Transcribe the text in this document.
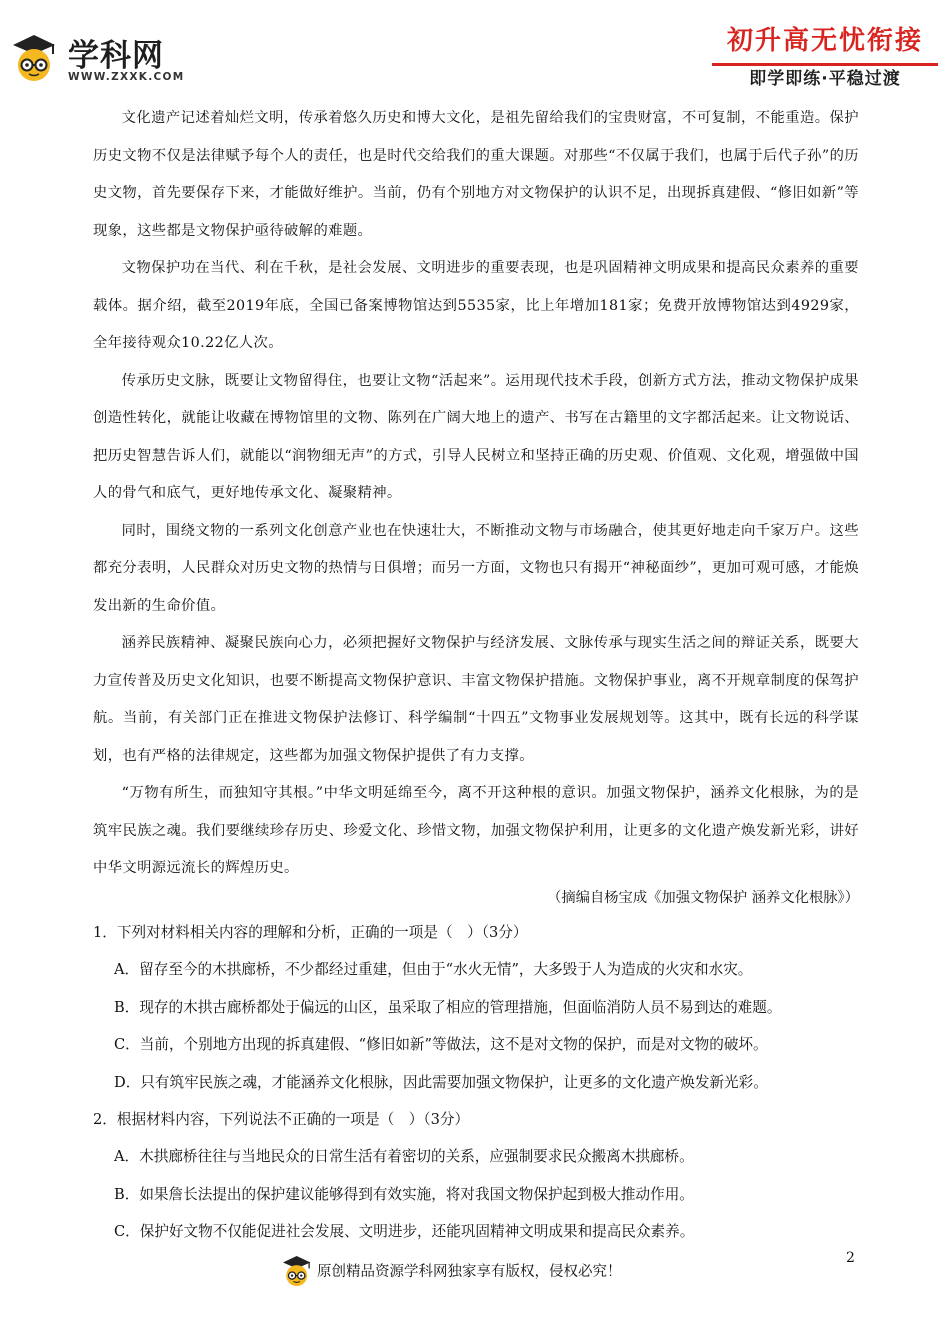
学科网
WWW.ZXXK.COM
初升高无忧衔接
即学即练·平稳过渡

文化遗产记述着灿烂文明，传承着悠久历史和博大文化，是祖先留给我们的宝贵财富，不可复制，不能重造。保护历史文物不仅是法律赋予每个人的责任，也是时代交给我们的重大课题。对那些“不仅属于我们，也属于后代子孙”的历史文物，首先要保存下来，才能做好维护。当前，仍有个别地方对文物保护的认识不足，出现拆真建假、“修旧如新”等现象，这些都是文物保护亟待破解的难题。

文物保护功在当代、利在千秋，是社会发展、文明进步的重要表现，也是巩固精神文明成果和提高民众素养的重要载体。据介绍，截至2019年底，全国已备案博物馆达到5535家，比上年增加181家；免费开放博物馆达到4929家，全年接待观众10.22亿人次。

传承历史文脉，既要让文物留得住，也要让文物“活起来”。运用现代技术手段，创新方式方法，推动文物保护成果创造性转化，就能让收藏在博物馆里的文物、陈列在广阔大地上的遗产、书写在古籍里的文字都活起来。让文物说话、把历史智慧告诉人们，就能以“润物细无声”的方式，引导人民树立和坚持正确的历史观、价值观、文化观，增强做中国人的骨气和底气，更好地传承文化、凝聚精神。

同时，围绕文物的一系列文化创意产业也在快速壮大，不断推动文物与市场融合，使其更好地走向千家万户。这些都充分表明，人民群众对历史文物的热情与日俱增；而另一方面，文物也只有揭开“神秘面纱”，更加可观可感，才能焕发出新的生命价值。

涵养民族精神、凝聚民族向心力，必须把握好文物保护与经济发展、文脉传承与现实生活之间的辩证关系，既要大力宣传普及历史文化知识，也要不断提高文物保护意识、丰富文物保护措施。文物保护事业，离不开规章制度的保驾护航。当前，有关部门正在推进文物保护法修订、科学编制“十四五”文物事业发展规划等。这其中，既有长远的科学谋划，也有严格的法律规定，这些都为加强文物保护提供了有力支撑。

“万物有所生，而独知守其根。”中华文明延绵至今，离不开这种根的意识。加强文物保护，涵养文化根脉，为的是筑牢民族之魂。我们要继续珍存历史、珍爱文化、珍惜文物，加强文物保护利用，让更多的文化遗产焕发新光彩，讲好中华文明源远流长的辉煌历史。

（摘编自杨宝成《加强文物保护 涵养文化根脉》）

1．下列对材料相关内容的理解和分析，正确的一项是（　）（3分）

A．留存至今的木拱廊桥，不少都经过重建，但由于“水火无情”，大多毁于人为造成的火灾和水灾。

B．现存的木拱古廊桥都处于偏远的山区，虽采取了相应的管理措施，但面临消防人员不易到达的难题。

C．当前，个别地方出现的拆真建假、“修旧如新”等做法，这不是对文物的保护，而是对文物的破坏。

D．只有筑牢民族之魂，才能涵养文化根脉，因此需要加强文物保护，让更多的文化遗产焕发新光彩。

2．根据材料内容，下列说法不正确的一项是（　）（3分）

A．木拱廊桥往往与当地民众的日常生活有着密切的关系，应强制要求民众搬离木拱廊桥。

B．如果詹长法提出的保护建议能够得到有效实施，将对我国文物保护起到极大推动作用。

C．保护好文物不仅能促进社会发展、文明进步，还能巩固精神文明成果和提高民众素养。

2
原创精品资源学科网独家享有版权，侵权必究！
